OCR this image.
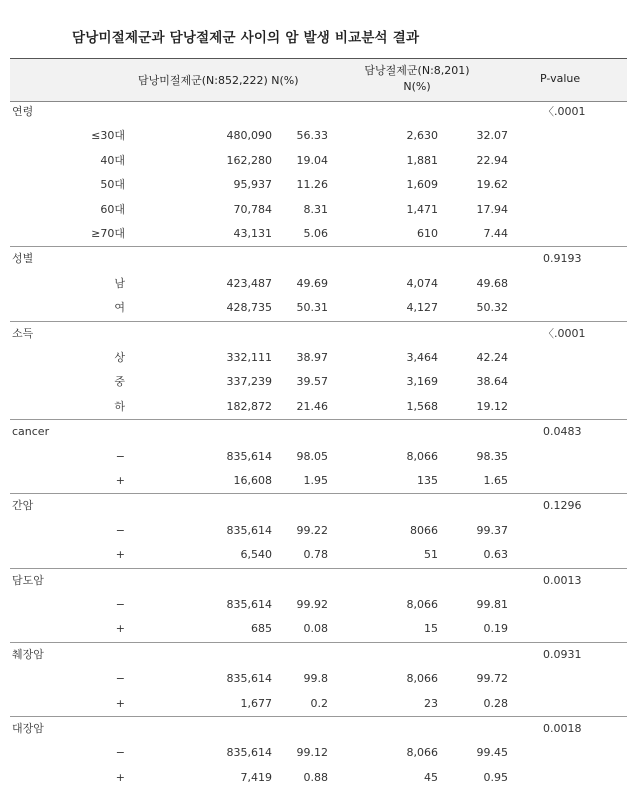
담낭미절제군과 담낭절제군 사이의 암 발생 비교분석 결과
담낭미절제군(N:852,222) N(%)
담낭절제군(N:8,201)
N(%)
P-value
연령	〈.0001
≤30대	480,090	56.33	2,630	32.07
40대	162,280	19.04	1,881	22.94
50대	95,937	11.26	1,609	19.62
60대	70,784	8.31	1,471	17.94
≥70대	43,131	5.06	610	7.44
성별	0.9193
남	423,487	49.69	4,074	49.68
여	428,735	50.31	4,127	50.32
소득	〈.0001
상	332,111	38.97	3,464	42.24
중	337,239	39.57	3,169	38.64
하	182,872	21.46	1,568	19.12
cancer	0.0483
−	835,614	98.05	8,066	98.35
+	16,608	1.95	135	1.65
간암	0.1296
−	835,614	99.22	8066	99.37
+	6,540	0.78	51	0.63
담도암	0.0013
−	835,614	99.92	8,066	99.81
+	685	0.08	15	0.19
췌장암	0.0931
−	835,614	99.8	8,066	99.72
+	1,677	0.2	23	0.28
대장암	0.0018
−	835,614	99.12	8,066	99.45
+	7,419	0.88	45	0.95
